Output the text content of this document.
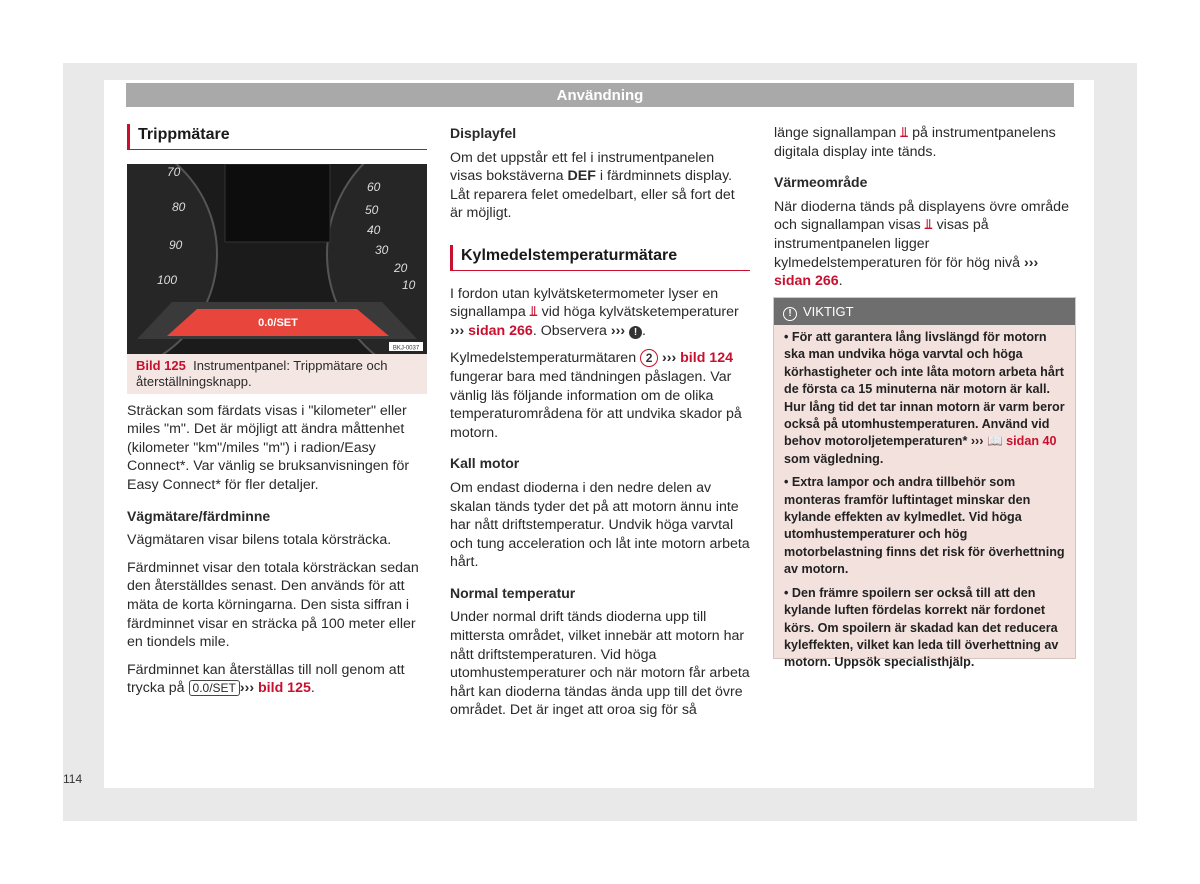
Användning
Trippmätare
70
80
90
100
60
50
40
30
20
10
0.0/SET
BKJ-0037
Bild 125 Instrumentpanel: Trippmätare och återställningsknapp.

Sträckan som färdats visas i "kilometer" eller miles "m". Det är möjligt att ändra måttenhet (kilometer "km"/miles "m") i radion/Easy Connect*. Var vänlig se bruksanvisningen för Easy Connect* för fler detaljer.

Vägmätare/färdminne

Vägmätaren visar bilens totala körsträcka.

Färdminnet visar den totala körsträckan sedan den återställdes senast. Den används för att mäta de korta körningarna. Den sista siffran i färdminnet visar en sträcka på 100 meter eller en tiondels mile.

Färdminnet kan återställas till noll genom att trycka på 0.0/SET ››› bild 125.

Displayfel

Om det uppstår ett fel i instrumentpanelen visas bokstäverna DEF i färdminnets display. Låt reparera felet omedelbart, eller så fort det är möjligt.

Kylmedelstemperaturmätare

I fordon utan kylvätsketermometer lyser en signallampa ⫫ vid höga kylvätsketemperaturer ››› sidan 266. Observera ››› ! .

Kylmedelstemperaturmätaren 2 ››› bild 124 fungerar bara med tändningen påslagen. Var vänlig läs följande information om de olika temperaturområdena för att undvika skador på motorn.

Kall motor

Om endast dioderna i den nedre delen av skalan tänds tyder det på att motorn ännu inte har nått driftstemperatur. Undvik höga varvtal och tung acceleration och låt inte motorn arbeta hårt.

Normal temperatur

Under normal drift tänds dioderna upp till mittersta området, vilket innebär att motorn har nått driftstemperaturen. Vid höga utomhustemperaturer och när motorn får arbeta hårt kan dioderna tändas ända upp till det övre området. Det är inget att oroa sig för så

länge signallampan ⫫ på instrumentpanelens digitala display inte tänds.

Värmeområde

När dioderna tänds på displayens övre område och signallampan visas ⫫ visas på instrumentpanelen ligger kylmedelstemperaturen för för hög nivå ››› sidan 266.

! VIKTIGT

• För att garantera lång livslängd för motorn ska man undvika höga varvtal och höga körhastigheter och inte låta motorn arbeta hårt de första ca 15 minuterna när motorn är kall. Hur lång tid det tar innan motorn är varm beror också på utomhustemperaturen. Använd vid behov motoroljetemperaturen* ››› 📖 sidan 40 som vägledning.

• Extra lampor och andra tillbehör som monteras framför luftintaget minskar den kylande effekten av kylmedlet. Vid höga utomhustemperaturer och hög motorbelastning finns det risk för överhettning av motorn.

• Den främre spoilern ser också till att den kylande luften fördelas korrekt när fordonet körs. Om spoilern är skadad kan det reducera kyleffekten, vilket kan leda till överhettning av motorn. Uppsök specialisthjälp.

114
